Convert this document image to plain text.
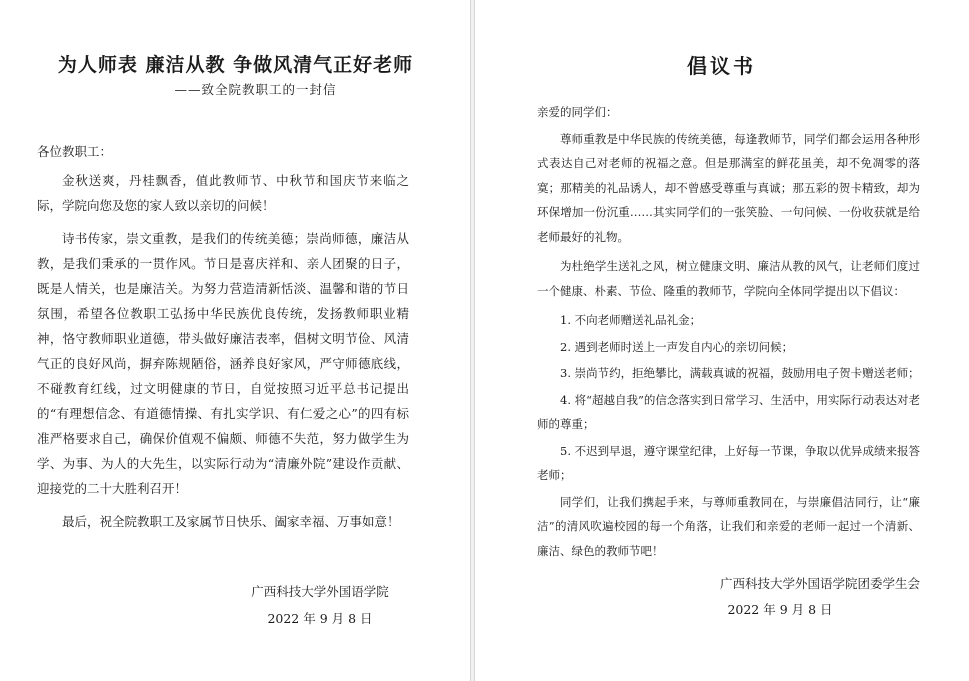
为人师表 廉洁从教 争做风清气正好老师
——致全院教职工的一封信
各位教职工：

金秋送爽，丹桂飘香，值此教师节、中秋节和国庆节来临之际，学院向您及您的家人致以亲切的问候！

诗书传家，崇文重教，是我们的传统美德；崇尚师德，廉洁从教，是我们秉承的一贯作风。节日是喜庆祥和、亲人团聚的日子，既是人情关，也是廉洁关。为努力营造清新恬淡、温馨和谐的节日氛围，希望各位教职工弘扬中华民族优良传统，发扬教师职业精神，恪守教师职业道德，带头做好廉洁表率，倡树文明节俭、风清气正的良好风尚，摒弃陈规陋俗，涵养良好家风，严守师德底线，不碰教育红线，过文明健康的节日，自觉按照习近平总书记提出的“有理想信念、有道德情操、有扎实学识、有仁爱之心”的四有标准严格要求自己，确保价值观不偏颇、师德不失范，努力做学生为学、为事、为人的大先生，以实际行动为“清廉外院”建设作贡献、迎接党的二十大胜利召开！

最后，祝全院教职工及家属节日快乐、阖家幸福、万事如意！

广西科技大学外国语学院
2022 年 9 月 8 日
倡议书

亲爱的同学们：

尊师重教是中华民族的传统美德，每逢教师节，同学们都会运用各种形式表达自己对老师的祝福之意。但是那满室的鲜花虽美，却不免凋零的落寞；那精美的礼品诱人，却不曾感受尊重与真诚；那五彩的贺卡精致，却为环保增加一份沉重……其实同学们的一张笑脸、一句问候、一份收获就是给老师最好的礼物。

为杜绝学生送礼之风，树立健康文明、廉洁从教的风气，让老师们度过一个健康、朴素、节俭、隆重的教师节，学院向全体同学提出以下倡议：

1. 不向老师赠送礼品礼金；

2. 遇到老师时送上一声发自内心的亲切问候；

3. 崇尚节约，拒绝攀比，满载真诚的祝福，鼓励用电子贺卡赠送老师；

4. 将“超越自我”的信念落实到日常学习、生活中，用实际行动表达对老师的尊重；

5. 不迟到早退，遵守课堂纪律，上好每一节课，争取以优异成绩来报答老师；

同学们，让我们携起手来，与尊师重教同在，与崇廉倡洁同行，让“廉洁”的清风吹遍校园的每一个角落，让我们和亲爱的老师一起过一个清新、廉洁、绿色的教师节吧！

广西科技大学外国语学院团委学生会
2022 年 9 月 8 日
